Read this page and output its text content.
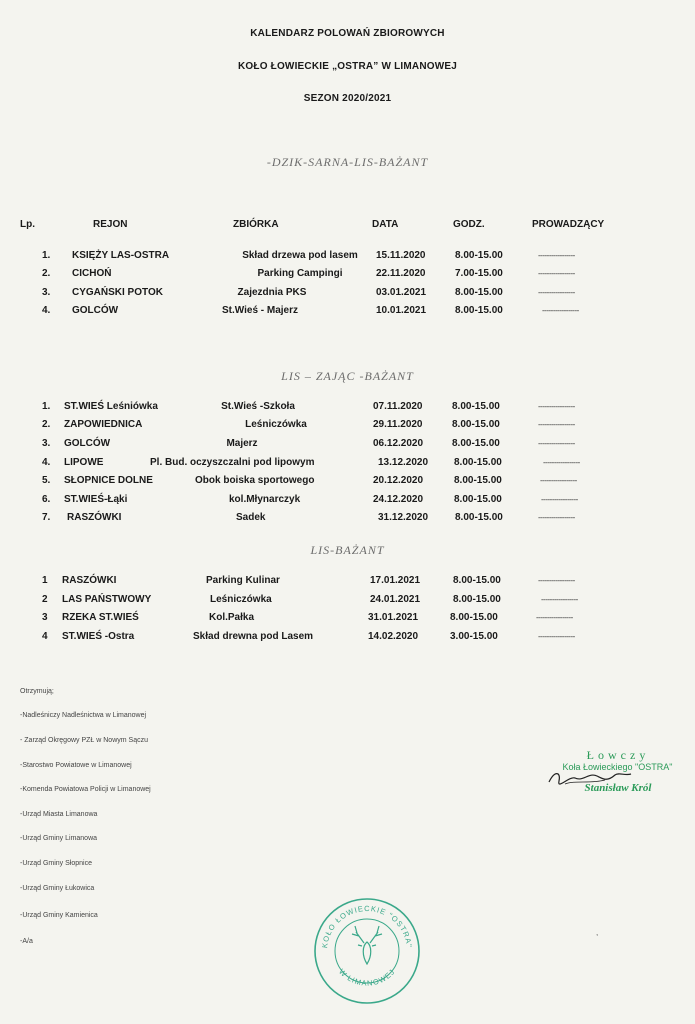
KALENDARZ POLOWAŃ ZBIOROWYCH
KOŁO ŁOWIECKIE „OSTRA” W LIMANOWEJ
SEZON 2020/2021
Lp.	REJON	ZBIÓRKA	DATA	GODZ.	PROWADZĄCY
-DZIK-SARNA-LIS-BAŻANT
1. KSIĘŻY LAS-OSTRA	Skład drzewa pod lasem	15.11.2020	8.00-15.00	-----------------
2. CICHOŃ	Parking Campingi	22.11.2020	7.00-15.00	-----------------
3. CYGAŃSKI POTOK	Zajezdnia PKS	03.01.2021	8.00-15.00	-----------------
4. GOLCÓW	St.Wieś - Majerz	10.01.2021	8.00-15.00	-----------------
LIS – ZAJĄC -BAŻANT
1. ST.WIEŚ Leśniówka	St.Wieś -Szkoła	07.11.2020	8.00-15.00	-----------------
2. ZAPOWIEDNICA	Leśniczówka	29.11.2020	8.00-15.00	-----------------
3. GOLCÓW	Majerz	06.12.2020	8.00-15.00	-----------------
4. LIPOWE	Pl. Bud. oczyszczalni pod lipowym	13.12.2020	8.00-15.00	-----------------
5. SŁOPNICE DOLNE	Obok boiska sportowego	20.12.2020	8.00-15.00	-----------------
6. ST.WIEŚ-Łąki	kol.Młynarczyk	24.12.2020	8.00-15.00	-----------------
7. RASZÓWKI	Sadek	31.12.2020	8.00-15.00	-----------------
LIS-BAŻANT
1 RASZÓWKI	Parking Kulinar	17.01.2021	8.00-15.00	-----------------
2 LAS PAŃSTWOWY	Leśniczówka	24.01.2021	8.00-15.00	-----------------
3 RZEKA ST.WIEŚ	Kol.Pałka	31.01.2021	8.00-15.00	-----------------
4 ST.WIEŚ -Ostra	Skład drewna pod Lasem	14.02.2020	3.00-15.00	-----------------
Otrzymują;
-Nadleśniczy Nadleśnictwa w Limanowej
- Zarząd Okręgowy PZŁ w Nowym Sączu
-Starostwo Powiatowe w Limanowej
-Komenda Powiatowa Policji w Limanowej
-Urząd Miasta Limanowa
-Urząd Gminy Limanowa
-Urząd Gminy Słopnice
-Urząd Gminy Łukowica
-Urząd Gminy Kamienica
-A/a
Łowczy
Koła Łowieckiego "OSTRA"
Stanisław Król
KOŁO ŁOWIECKIE "OSTRA"
W LIMANOWEJ
,
